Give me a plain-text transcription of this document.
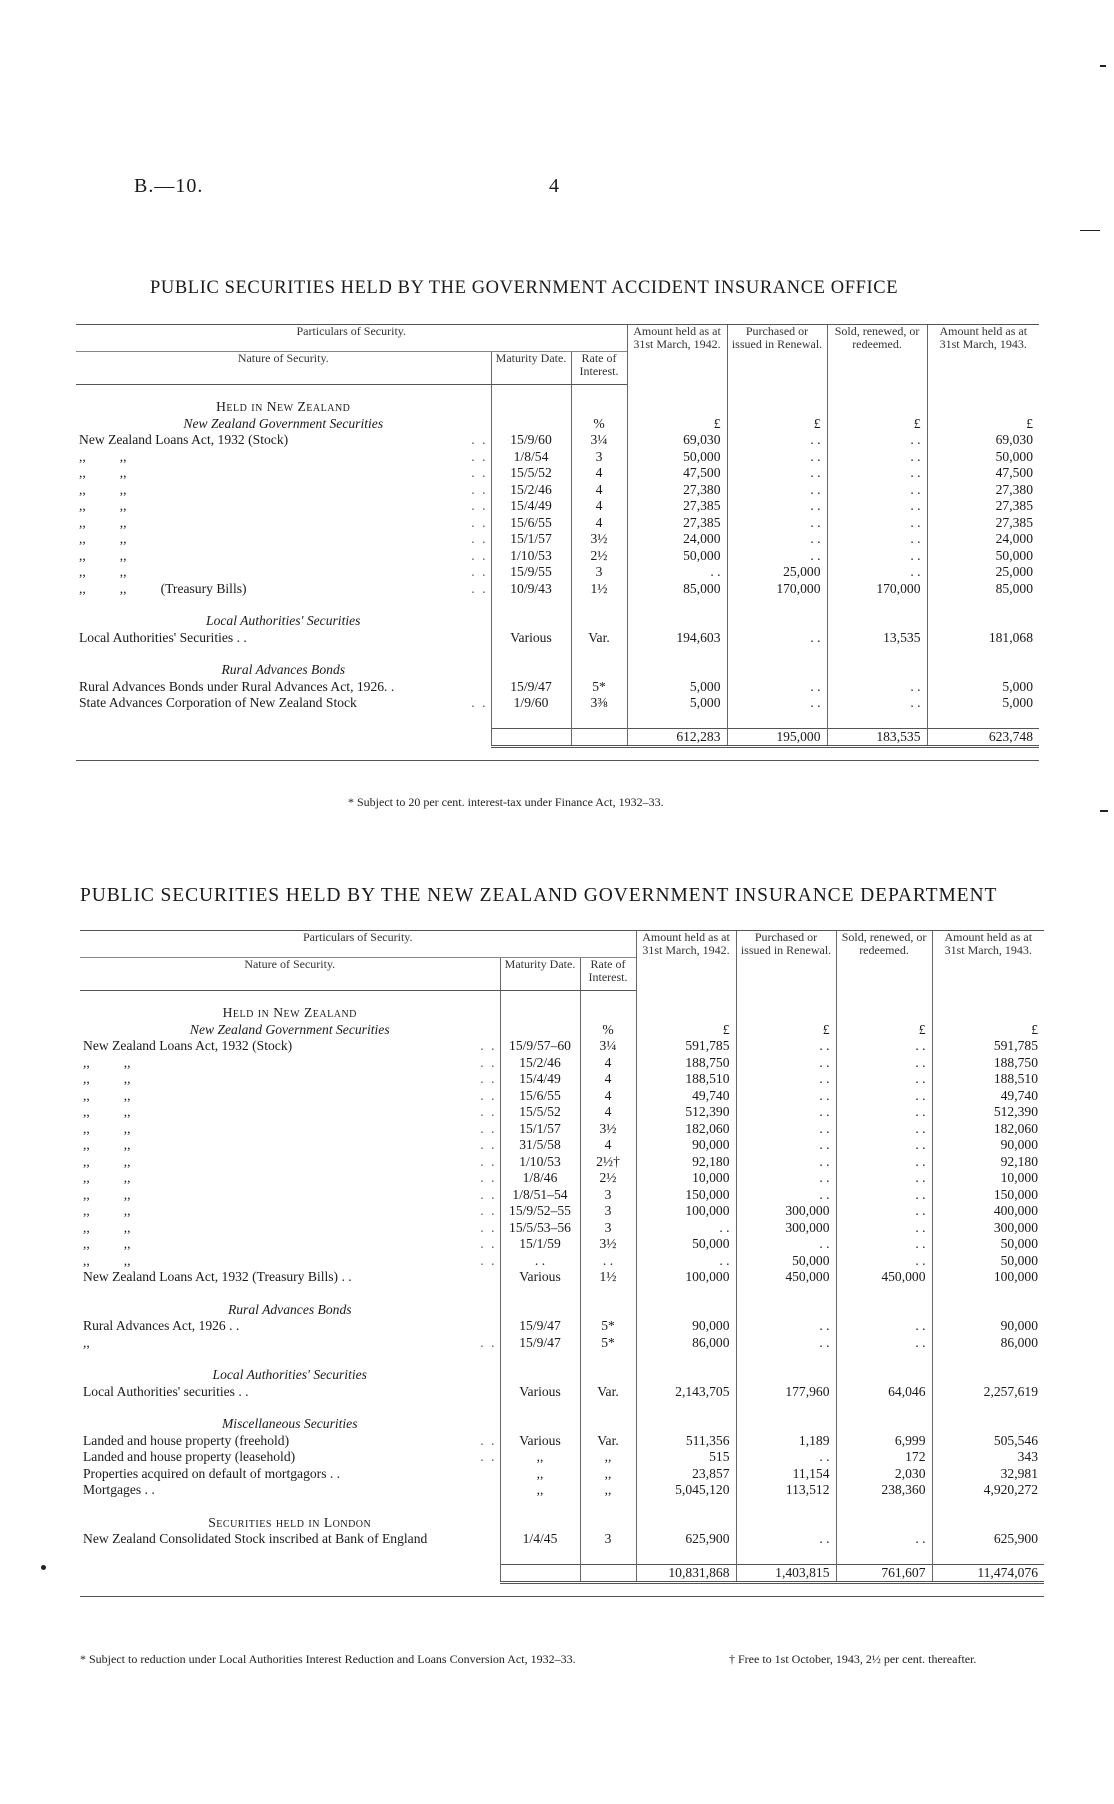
B.—10.	4
PUBLIC SECURITIES HELD BY THE GOVERNMENT ACCIDENT INSURANCE OFFICE
Particulars of Security.			Amount held as at 31st March, 1942.	Purchased or issued in Renewal.	Sold, renewed, or redeemed.	Amount held as at 31st March, 1943.
Nature of Security.	Maturity Date.	Rate of Interest.				

Held in New Zealand						
New Zealand Government Securities		%	£	£	£	£
New Zealand Loans Act, 1932 (Stock) . .	15/9/60	3¼	69,030	. .	. .	69,030
,,          ,, . .	1/8/54	3	50,000	. .	. .	50,000
,,          ,, . .	15/5/52	4	47,500	. .	. .	47,500
,,          ,, . .	15/2/46	4	27,380	. .	. .	27,380
,,          ,, . .	15/4/49	4	27,385	. .	. .	27,385
,,          ,, . .	15/6/55	4	27,385	. .	. .	27,385
,,          ,, . .	15/1/57	3½	24,000	. .	. .	24,000
,,          ,, . .	1/10/53	2½	50,000	. .	. .	50,000
,,          ,, . .	15/9/55	3	. .	25,000	. .	25,000
,,          ,,          (Treasury Bills) . .	10/9/43	1½	85,000	170,000	170,000	85,000

Local Authorities' Securities						
Local Authorities' Securities . .	Various	Var.	194,603	. .	13,535	181,068

Rural Advances Bonds						
Rural Advances Bonds under Rural Advances Act, 1926. .	15/9/47	5*	5,000	. .	. .	5,000
State Advances Corporation of New Zealand Stock . .	1/9/60	3⅜	5,000	. .	. .	5,000

			612,283	195,000	183,535	623,748

* Subject to 20 per cent. interest-tax under Finance Act, 1932–33.
PUBLIC SECURITIES HELD BY THE NEW ZEALAND GOVERNMENT INSURANCE DEPARTMENT
Particulars of Security.			Amount held as at 31st March, 1942.	Purchased or issued in Renewal.	Sold, renewed, or redeemed.	Amount held as at 31st March, 1943.
Nature of Security.	Maturity Date.	Rate of Interest.				

Held in New Zealand						
New Zealand Government Securities		%	£	£	£	£
New Zealand Loans Act, 1932 (Stock) . .	15/9/57–60	3¼	591,785	. .	. .	591,785
,,          ,, . .	15/2/46	4	188,750	. .	. .	188,750
,,          ,, . .	15/4/49	4	188,510	. .	. .	188,510
,,          ,, . .	15/6/55	4	49,740	. .	. .	49,740
,,          ,, . .	15/5/52	4	512,390	. .	. .	512,390
,,          ,, . .	15/1/57	3½	182,060	. .	. .	182,060
,,          ,, . .	31/5/58	4	90,000	. .	. .	90,000
,,          ,, . .	1/10/53	2½†	92,180	. .	. .	92,180
,,          ,, . .	1/8/46	2½	10,000	. .	. .	10,000
,,          ,, . .	1/8/51–54	3	150,000	. .	. .	150,000
,,          ,, . .	15/9/52–55	3	100,000	300,000	. .	400,000
,,          ,, . .	15/5/53–56	3	. .	300,000	. .	300,000
,,          ,, . .	15/1/59	3½	50,000	. .	. .	50,000
,,          ,, . .	. .	. .	. .	50,000	. .	50,000
New Zealand Loans Act, 1932 (Treasury Bills) . .	Various	1½	100,000	450,000	450,000	100,000

Rural Advances Bonds						
Rural Advances Act, 1926 . .	15/9/47	5*	90,000	. .	. .	90,000
,, . .	15/9/47	5*	86,000	. .	. .	86,000

Local Authorities' Securities						
Local Authorities' securities . .	Various	Var.	2,143,705	177,960	64,046	2,257,619

Miscellaneous Securities						
Landed and house property (freehold) . .	Various	Var.	511,356	1,189	6,999	505,546
Landed and house property (leasehold) . .	,,	,,	515	. .	172	343
Properties acquired on default of mortgagors . .	,,	,,	23,857	11,154	2,030	32,981
Mortgages . .	,,	,,	5,045,120	113,512	238,360	4,920,272

Securities held in London						
New Zealand Consolidated Stock inscribed at Bank of England	1/4/45	3	625,900	. .	. .	625,900

			10,831,868	1,403,815	761,607	11,474,076

* Subject to reduction under Local Authorities Interest Reduction and Loans Conversion Act, 1932–33.	† Free to 1st October, 1943, 2½ per cent. thereafter.
